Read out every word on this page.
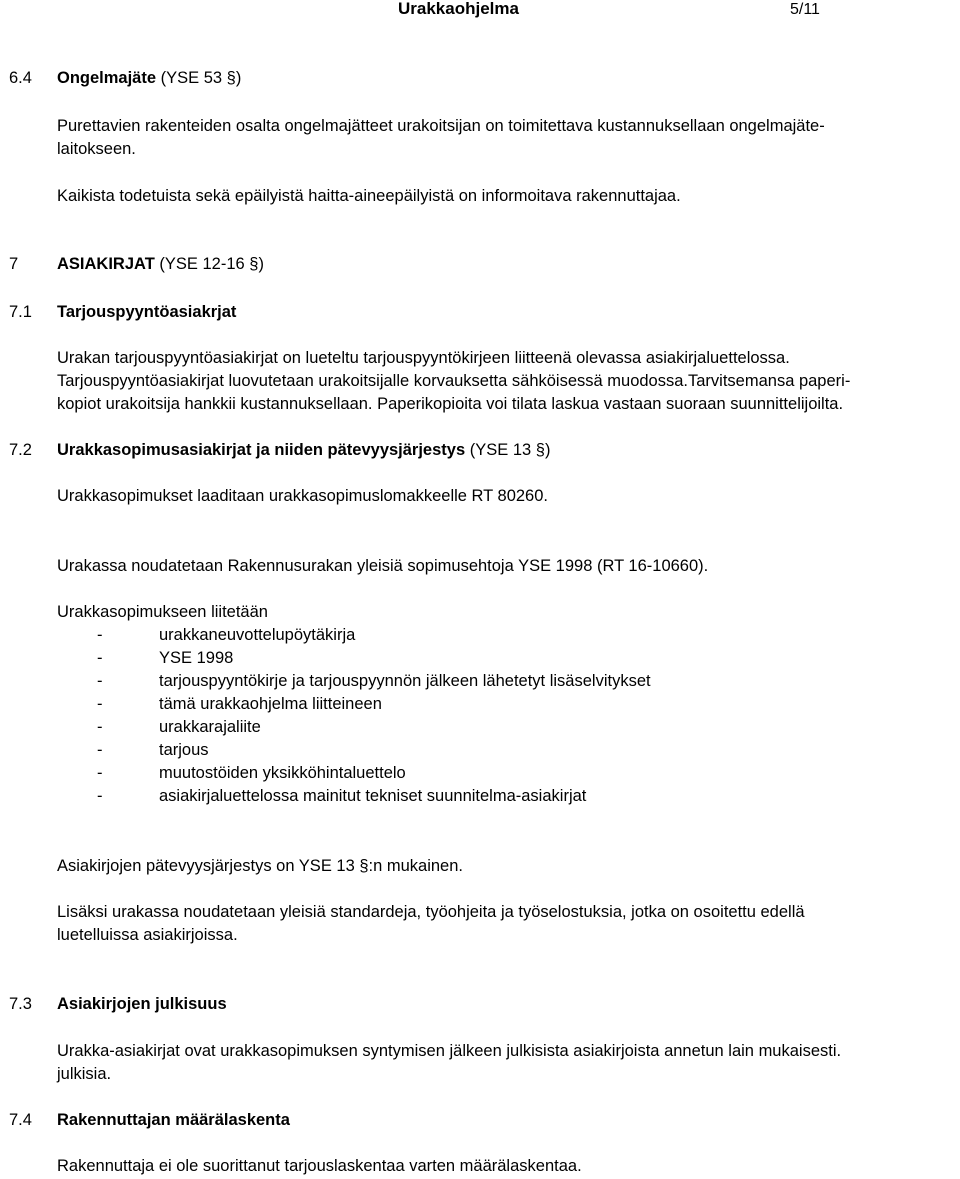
Urakkaohjelma	5/11
6.4 Ongelmajäte (YSE 53 §)
Purettavien rakenteiden osalta ongelmajätteet urakoitsijan on toimitettava kustannuksellaan ongelmajäte-
laitokseen.
Kaikista todetuista sekä epäilyistä haitta-aineepäilyistä on informoitava rakennuttajaa.
7 ASIAKIRJAT (YSE 12-16 §)
7.1 Tarjouspyyntöasiakrjat
Urakan tarjouspyyntöasiakirjat on lueteltu tarjouspyyntökirjeen liitteenä olevassa asiakirjaluettelossa.
Tarjouspyyntöasiakirjat luovutetaan urakoitsijalle korvauksetta sähköisessä muodossa.Tarvitsemansa paperi-
kopiot urakoitsija hankkii kustannuksellaan. Paperikopioita voi tilata laskua vastaan suoraan suunnittelijoilta.
7.2 Urakkasopimusasiakirjat ja niiden pätevyysjärjestys (YSE 13 §)
Urakkasopimukset laaditaan urakkasopimuslomakkeelle RT 80260.
Urakassa noudatetaan Rakennusurakan yleisiä sopimusehtoja YSE 1998 (RT 16-10660).
Urakkasopimukseen liitetään
-	urakkaneuvottelupöytäkirja
-	YSE 1998
-	tarjouspyyntökirje ja tarjouspyynnön jälkeen lähetetyt lisäselvitykset
-	tämä urakkaohjelma liitteineen
-	urakkarajaliite
-	tarjous
-	muutostöiden yksikköhintaluettelo
-	asiakirjaluettelossa mainitut tekniset suunnitelma-asiakirjat
Asiakirjojen pätevyysjärjestys on YSE 13 §:n mukainen.
Lisäksi urakassa noudatetaan yleisiä standardeja, työohjeita ja työselostuksia, jotka on osoitettu edellä
luetelluissa asiakirjoissa.
7.3 Asiakirjojen julkisuus
Urakka-asiakirjat ovat urakkasopimuksen syntymisen jälkeen julkisista asiakirjoista annetun lain mukaisesti.
julkisia.
7.4 Rakennuttajan määrälaskenta
Rakennuttaja ei ole suorittanut tarjouslaskentaa varten määrälaskentaa.
